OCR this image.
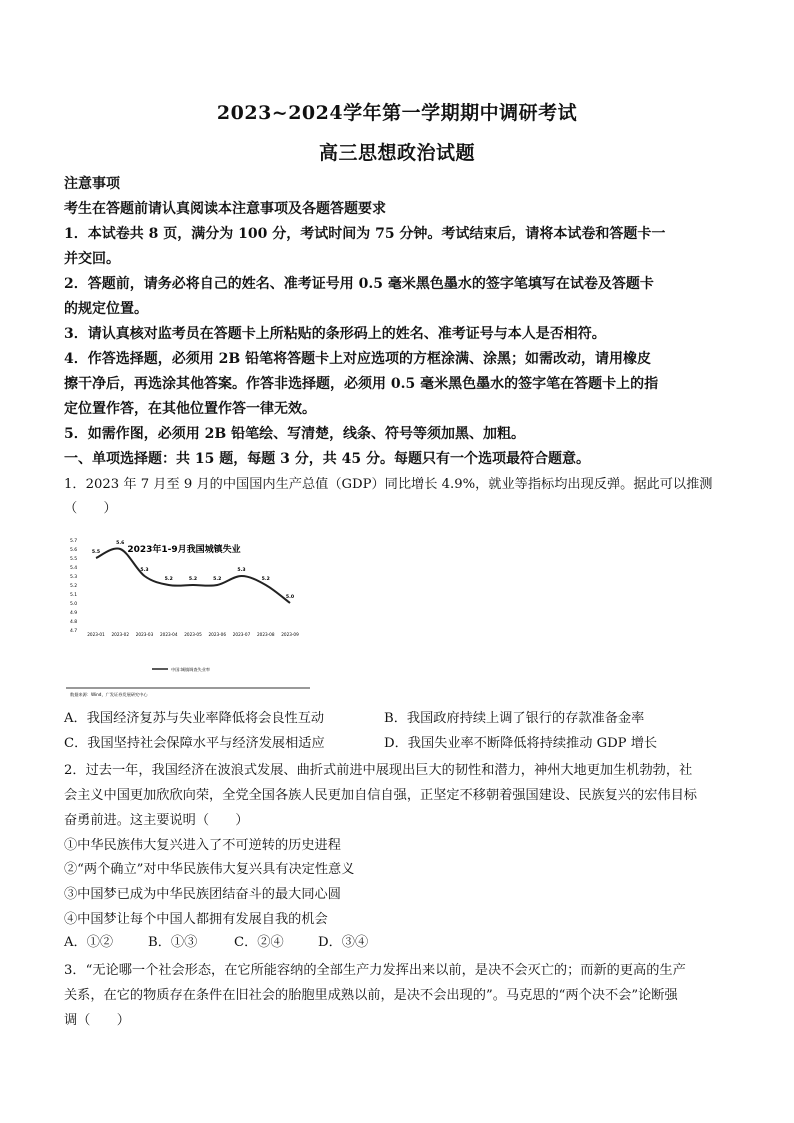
2023~2024学年第一学期期中调研考试
高三思想政治试题
注意事项
考生在答题前请认真阅读本注意事项及各题答题要求
1．本试卷共 8 页，满分为 100 分，考试时间为 75 分钟。考试结束后，请将本试卷和答题卡一
并交回。
2．答题前，请务必将自己的姓名、准考证号用 0.5 毫米黑色墨水的签字笔填写在试卷及答题卡
的规定位置。
3．请认真核对监考员在答题卡上所粘贴的条形码上的姓名、准考证号与本人是否相符。
4．作答选择题，必须用 2B 铅笔将答题卡上对应选项的方框涂满、涂黑；如需改动，请用橡皮
擦干净后，再选涂其他答案。作答非选择题，必须用 0.5 毫米黑色墨水的签字笔在答题卡上的指
定位置作答，在其他位置作答一律无效。
5．如需作图，必须用 2B 铅笔绘、写清楚，线条、符号等须加黑、加粗。
一、单项选择题：共 15 题，每题 3 分，共 45 分。每题只有一个选项最符合题意。
1．2023 年 7 月至 9 月的中国国内生产总值（GDP）同比增长 4.9%，就业等指标均出现反弹。据此可以推测
（　　）
2023年1-9月我国城镇失业
5.7
5.6
5.5
5.4
5.3
5.2
5.1
5.0
4.9
4.8
4.7
2023-01 2023-02 2023-03 2023-04 2023-05 2023-06 2023-07 2023-08 2023-09
5.5
5.6
5.3
5.2	5.2	5.2
5.3
5.2
5.0
中国:城镇调查失业率
数据来源：Wind，广发证券发展研究中心
A．我国经济复苏与失业率降低将会良性互动	B．我国政府持续上调了银行的存款准备金率
C．我国坚持社会保障水平与经济发展相适应	D．我国失业率不断降低将持续推动 GDP 增长
2．过去一年，我国经济在波浪式发展、曲折式前进中展现出巨大的韧性和潜力，神州大地更加生机勃勃，社
会主义中国更加欣欣向荣，全党全国各族人民更加自信自强，正坚定不移朝着强国建设、民族复兴的宏伟目标
奋勇前进。这主要说明（　　）
①中华民族伟大复兴进入了不可逆转的历史进程
②“两个确立”对中华民族伟大复兴具有决定性意义
③中国梦已成为中华民族团结奋斗的最大同心圆
④中国梦让每个中国人都拥有发展自我的机会
A．①②	B．①③	C．②④	D．③④
3．“无论哪一个社会形态，在它所能容纳的全部生产力发挥出来以前，是决不会灭亡的；而新的更高的生产
关系，在它的物质存在条件在旧社会的胎胞里成熟以前，是决不会出现的”。马克思的“两个决不会”论断强
调（　　）
